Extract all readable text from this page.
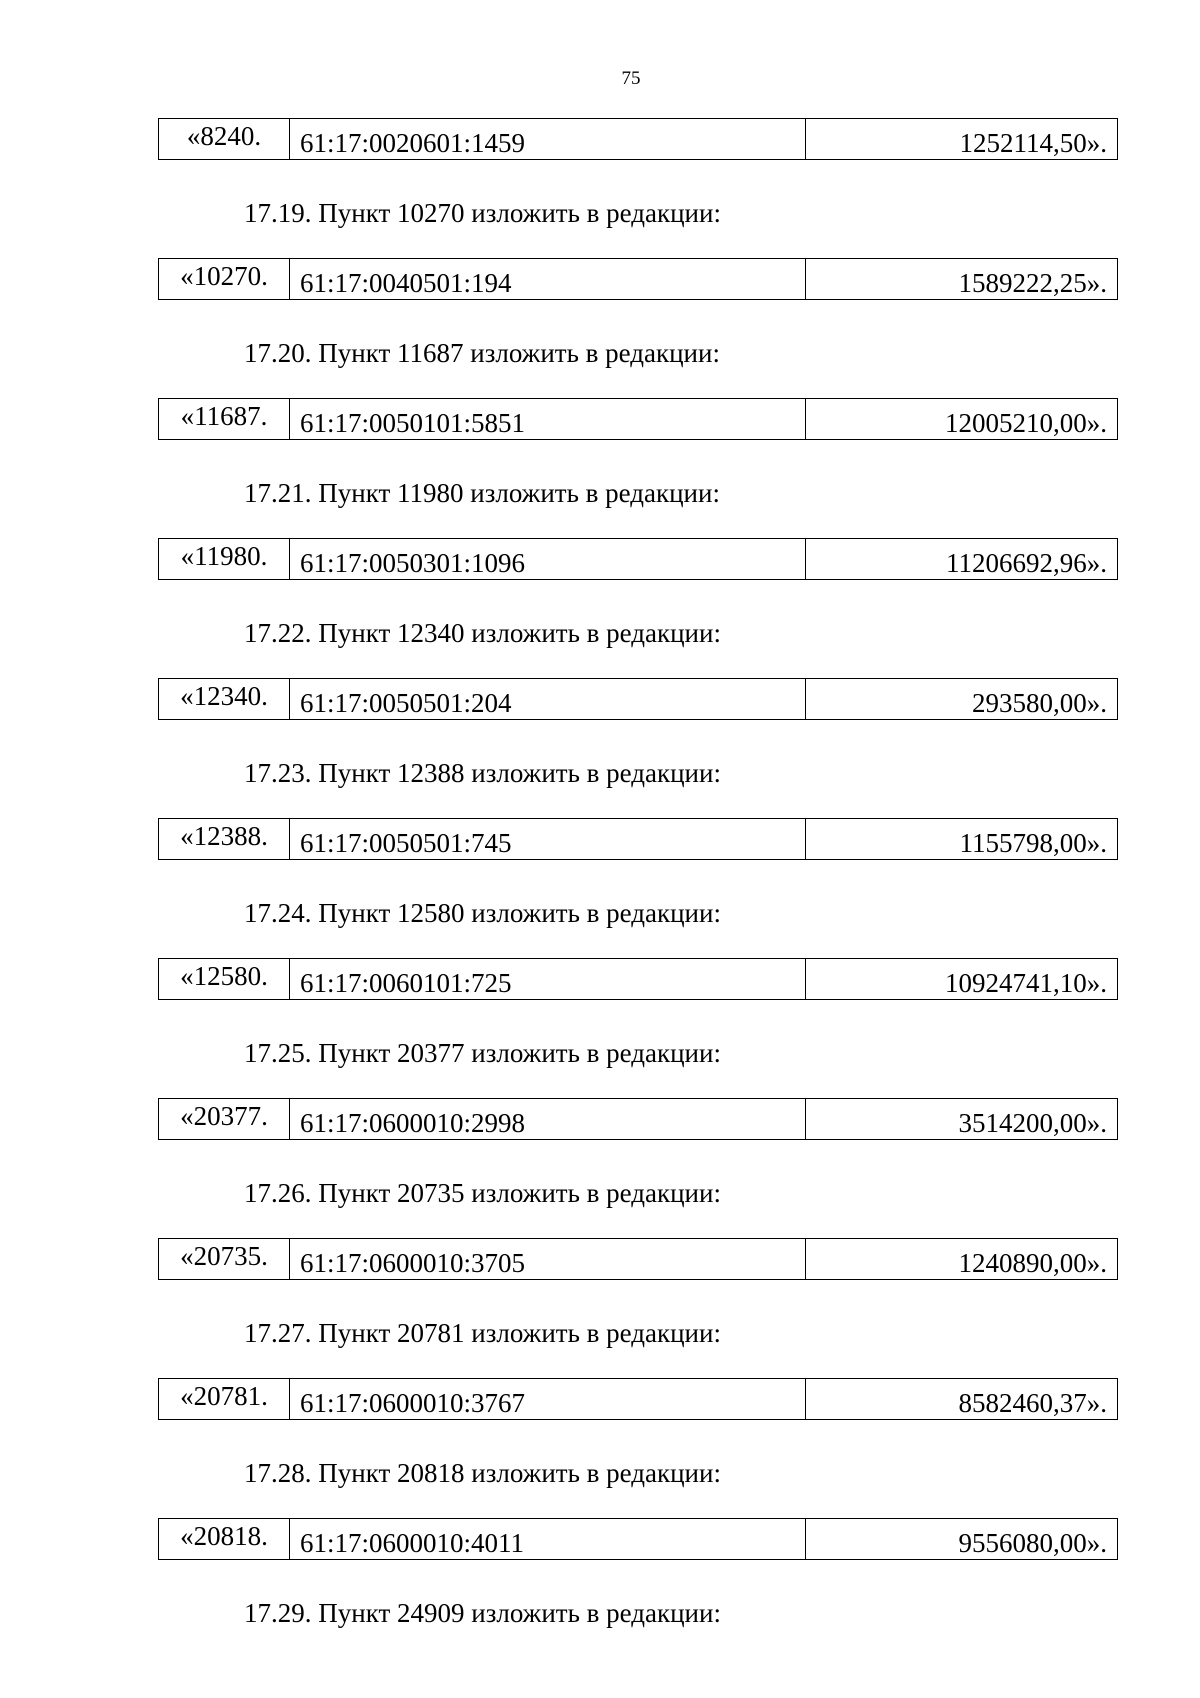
75
«8240.	61:17:0020601:1459	1252114,50».
17.19. Пункт 10270 изложить в редакции:
«10270.	61:17:0040501:194	1589222,25».
17.20. Пункт 11687 изложить в редакции:
«11687.	61:17:0050101:5851	12005210,00».
17.21. Пункт 11980 изложить в редакции:
«11980.	61:17:0050301:1096	11206692,96».
17.22. Пункт 12340 изложить в редакции:
«12340.	61:17:0050501:204	293580,00».
17.23. Пункт 12388 изложить в редакции:
«12388.	61:17:0050501:745	1155798,00».
17.24. Пункт 12580 изложить в редакции:
«12580.	61:17:0060101:725	10924741,10».
17.25. Пункт 20377 изложить в редакции:
«20377.	61:17:0600010:2998	3514200,00».
17.26. Пункт 20735 изложить в редакции:
«20735.	61:17:0600010:3705	1240890,00».
17.27. Пункт 20781 изложить в редакции:
«20781.	61:17:0600010:3767	8582460,37».
17.28. Пункт 20818 изложить в редакции:
«20818.	61:17:0600010:4011	9556080,00».
17.29. Пункт 24909 изложить в редакции:
